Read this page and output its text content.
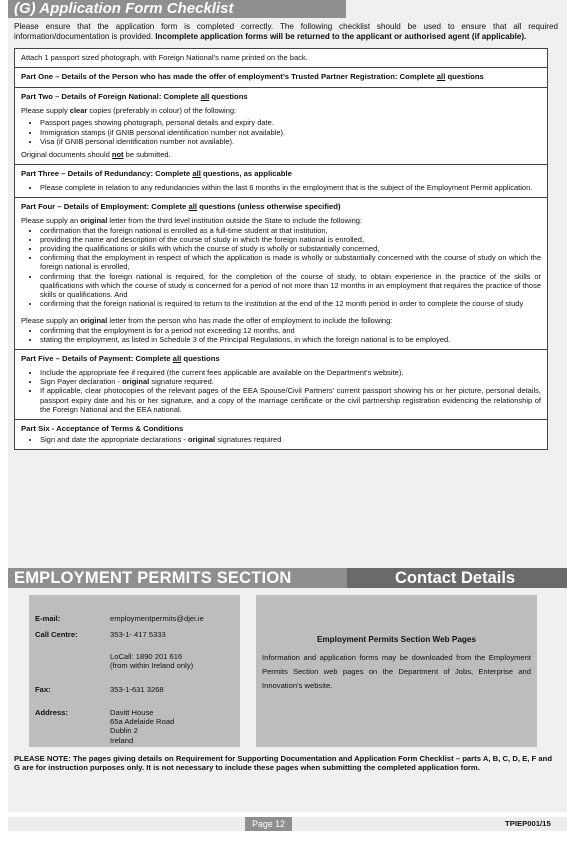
(G) Application Form Checklist
Please ensure that the application form is completed correctly. The following checklist should be used to ensure that all required information/documentation is provided. Incomplete application forms will be returned to the applicant or authorised agent (if applicable).
Attach 1 passport sized photograph, with Foreign National’s name printed on the back.
Part One – Details of the Person who has made the offer of employment’s Trusted Partner Registration: Complete all questions
Part Two – Details of Foreign National: Complete all questions

Please supply clear copies (preferably in colour) of the following:

• Passport pages showing photograph, personal details and expiry date.
• Immigration stamps (if GNIB personal identification number not available).
• Visa (if GNIB personal identification number not available).

Original documents should not be submitted.

Part Three – Details of Redundancy: Complete all questions, as applicable
• Please complete in relation to any redundancies within the last 6 months in the employment that is the subject of the Employment Permit application.
Part Four – Details of Employment: Complete all questions (unless otherwise specified)

Please supply an original letter from the third level institution outside the State to include the following:

• confirmation that the foreign national is enrolled as a full-time student at that institution,
• providing the name and description of the course of study in which the foreign national is enrolled,
• providing the qualifications or skills with which the course of study is wholly or substantially concerned,
• confirming that the employment in respect of which the application is made is wholly or substantially concerned with the course of study on which the foreign national is enrolled,
• confirming that the foreign national is required, for the completion of the course of study, to obtain experience in the practice of the skills or qualifications with which the course of study is concerned for a period of not more than 12 months in an employment that requires the practice of those skills or qualifications. And
• confirming that the foreign national is required to return to the institution at the end of the 12 month period in order to complete the course of study

Please supply an original letter from the person who has made the offer of employment to include the following:

• confirming that the employment is for a period not exceeding 12 months, and
• stating the employment, as listed in Schedule 3 of the Principal Regulations, in which the foreign national is to be employed.
Part Five – Details of Payment: Complete all questions
• Include the appropriate fee if required (the current fees applicable are available on the Department’s website).
• Sign Payer declaration - original signature required.
• If applicable, clear photocopies of the relevant pages of the EEA Spouse/Civil Partners’ current passport showing his or her picture, personal details, passport expiry date and his or her signature, and a copy of the marriage certificate or the civil partnership registration evidencing the relationship of the Foreign National and the EEA national.
Part Six - Acceptance of Terms & Conditions
• Sign and date the appropriate declarations - original signatures required
EMPLOYMENT PERMITS SECTION	Contact Details
E-mail:	employmentpermits@djei.ie
Call Centre:	353-1- 417 5333
LoCall: 1890 201 616
(from within Ireland only)
Fax:	353-1-631 3268
Address:	Davitt House
65a Adelaide Road
Dublin 2
Ireland
Employment Permits Section Web Pages
Information and application forms may be downloaded from the Employment Permits Section web pages on the Department of Jobs, Enterprise and Innovation’s website.
PLEASE NOTE: The pages giving details on Requirement for Supporting Documentation and Application Form Checklist – parts A, B, C, D, E, F and G are for instruction purposes only. It is not necessary to include these pages when submitting the completed application form.
Page 12	TPIEP001/15
